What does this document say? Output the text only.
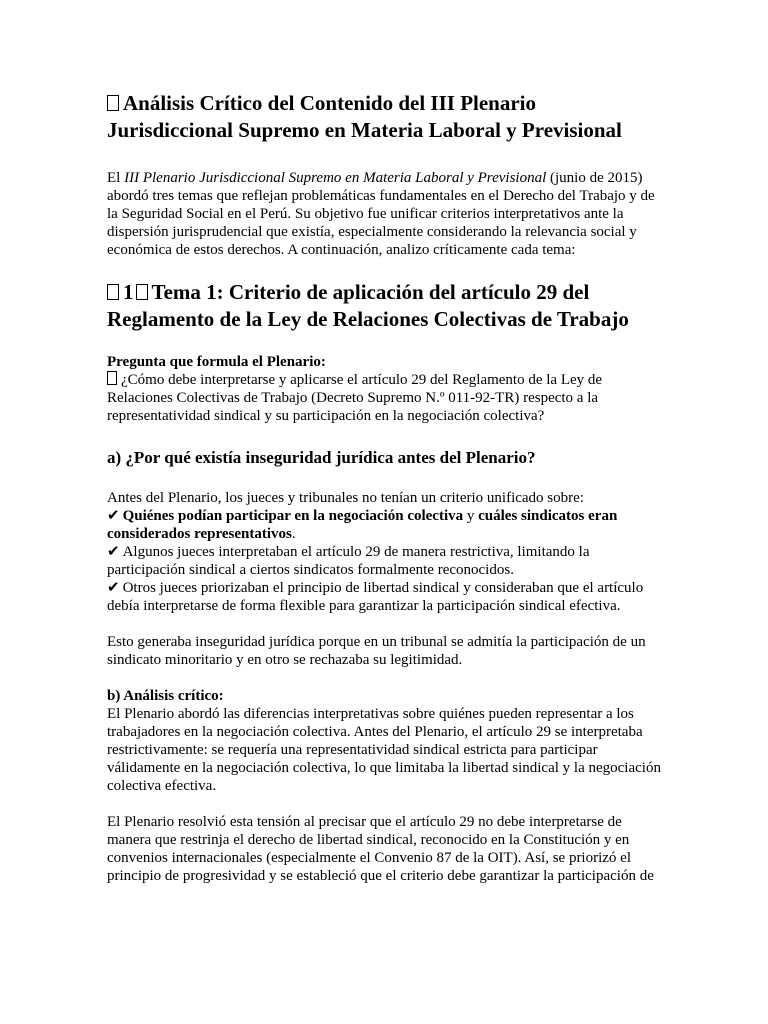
Análisis Crítico del Contenido del III Plenario Jurisdiccional Supremo en Materia Laboral y Previsional

El III Plenario Jurisdiccional Supremo en Materia Laboral y Previsional (junio de 2015) abordó tres temas que reflejan problemáticas fundamentales en el Derecho del Trabajo y de la Seguridad Social en el Perú. Su objetivo fue unificar criterios interpretativos ante la dispersión jurisprudencial que existía, especialmente considerando la relevancia social y económica de estos derechos. A continuación, analizo críticamente cada tema:

1 Tema 1: Criterio de aplicación del artículo 29 del Reglamento de la Ley de Relaciones Colectivas de Trabajo

Pregunta que formula el Plenario:
¿Cómo debe interpretarse y aplicarse el artículo 29 del Reglamento de la Ley de Relaciones Colectivas de Trabajo (Decreto Supremo N.º 011-92-TR) respecto a la representatividad sindical y su participación en la negociación colectiva?

a) ¿Por qué existía inseguridad jurídica antes del Plenario?

Antes del Plenario, los jueces y tribunales no tenían un criterio unificado sobre:
✔ Quiénes podían participar en la negociación colectiva y cuáles sindicatos eran considerados representativos.
✔ Algunos jueces interpretaban el artículo 29 de manera restrictiva, limitando la participación sindical a ciertos sindicatos formalmente reconocidos.
✔ Otros jueces priorizaban el principio de libertad sindical y consideraban que el artículo debía interpretarse de forma flexible para garantizar la participación sindical efectiva.

Esto generaba inseguridad jurídica porque en un tribunal se admitía la participación de un sindicato minoritario y en otro se rechazaba su legitimidad.

b) Análisis crítico:
El Plenario abordó las diferencias interpretativas sobre quiénes pueden representar a los trabajadores en la negociación colectiva. Antes del Plenario, el artículo 29 se interpretaba restrictivamente: se requería una representatividad sindical estricta para participar válidamente en la negociación colectiva, lo que limitaba la libertad sindical y la negociación colectiva efectiva.

El Plenario resolvió esta tensión al precisar que el artículo 29 no debe interpretarse de manera que restrinja el derecho de libertad sindical, reconocido en la Constitución y en convenios internacionales (especialmente el Convenio 87 de la OIT). Así, se priorizó el principio de progresividad y se estableció que el criterio debe garantizar la participación de
